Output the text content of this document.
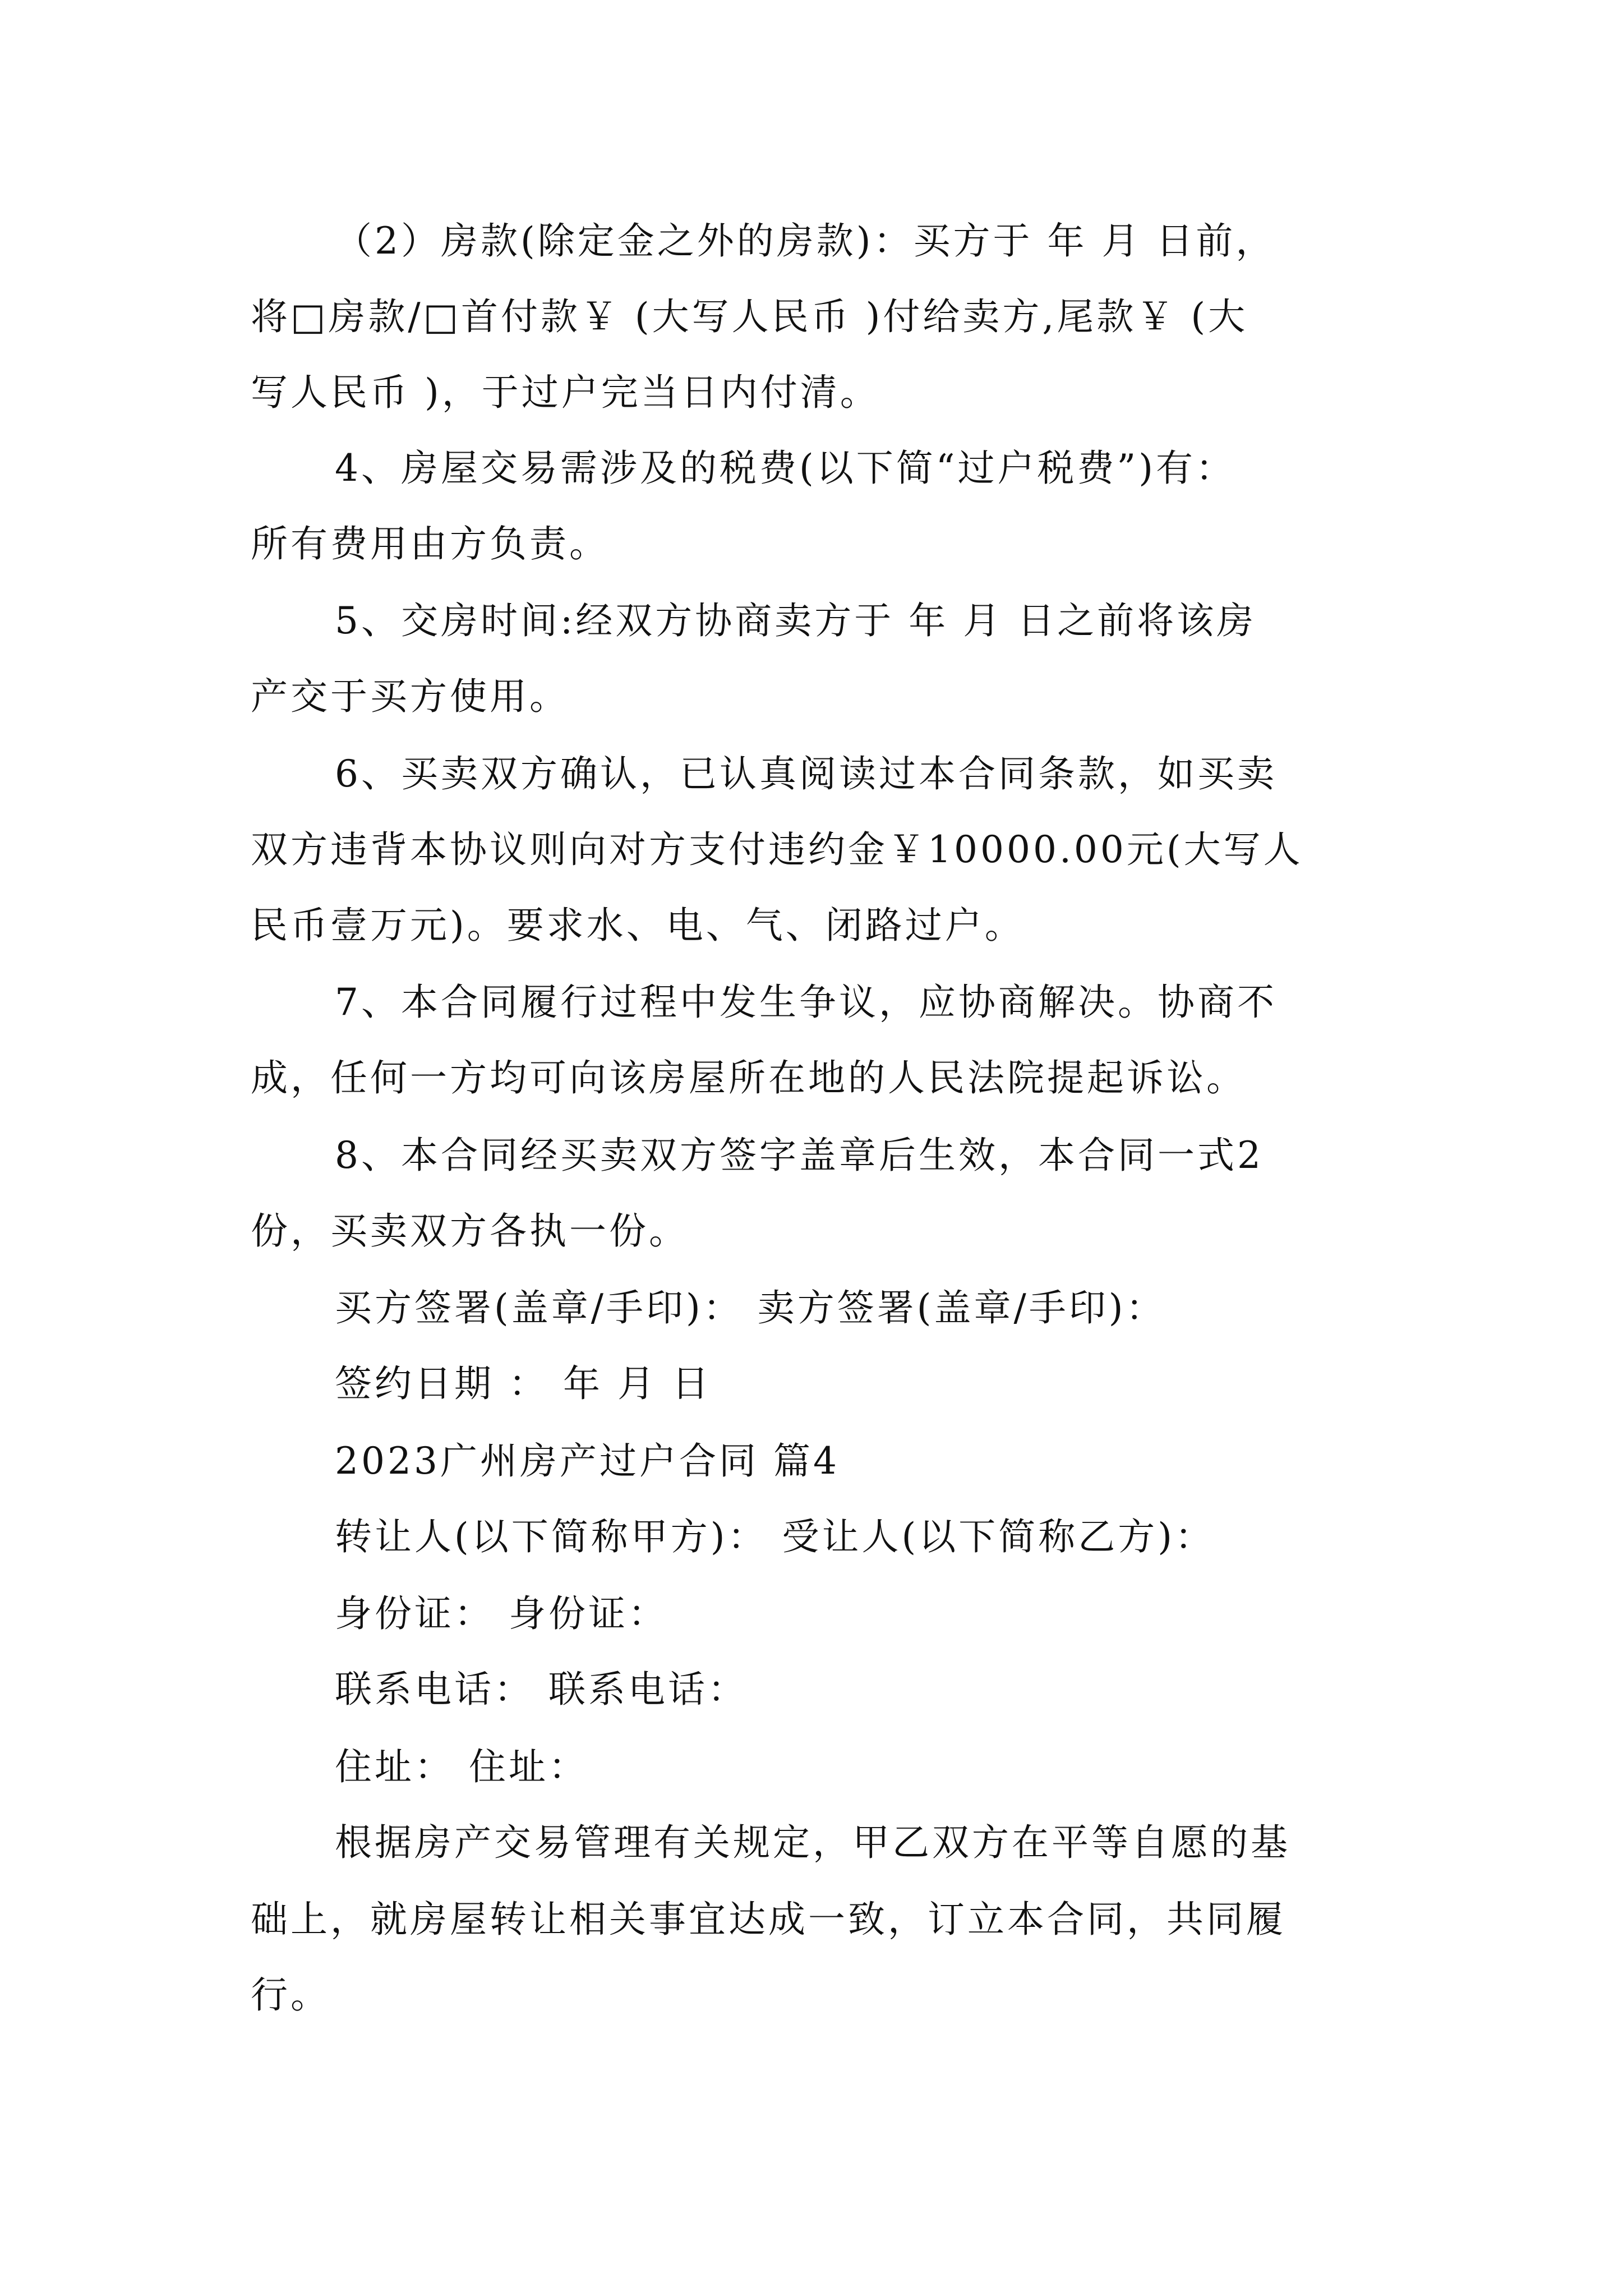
（2）房款(除定金之外的房款)：买方于 年 月 日前，
将□房款/□首付款￥ (大写人民币 )付给卖方,尾款￥ (大
写人民币 )，于过户完当日内付清。
4、房屋交易需涉及的税费(以下简“过户税费”)有：
所有费用由方负责。
5、交房时间:经双方协商卖方于 年 月 日之前将该房
产交于买方使用。
6、买卖双方确认，已认真阅读过本合同条款，如买卖
双方违背本协议则向对方支付违约金￥10000.00元(大写人
民币壹万元)。要求水、电、气、闭路过户。
7、本合同履行过程中发生争议，应协商解决。协商不
成，任何一方均可向该房屋所在地的人民法院提起诉讼。
8、本合同经买卖双方签字盖章后生效，本合同一式2
份，买卖双方各执一份。
买方签署(盖章/手印)： 卖方签署(盖章/手印)：
签约日期 ： 年 月 日
2023广州房产过户合同 篇4
转让人(以下简称甲方)： 受让人(以下简称乙方)：
身份证： 身份证：
联系电话： 联系电话：
住址： 住址：
根据房产交易管理有关规定，甲乙双方在平等自愿的基
础上，就房屋转让相关事宜达成一致，订立本合同，共同履
行。
